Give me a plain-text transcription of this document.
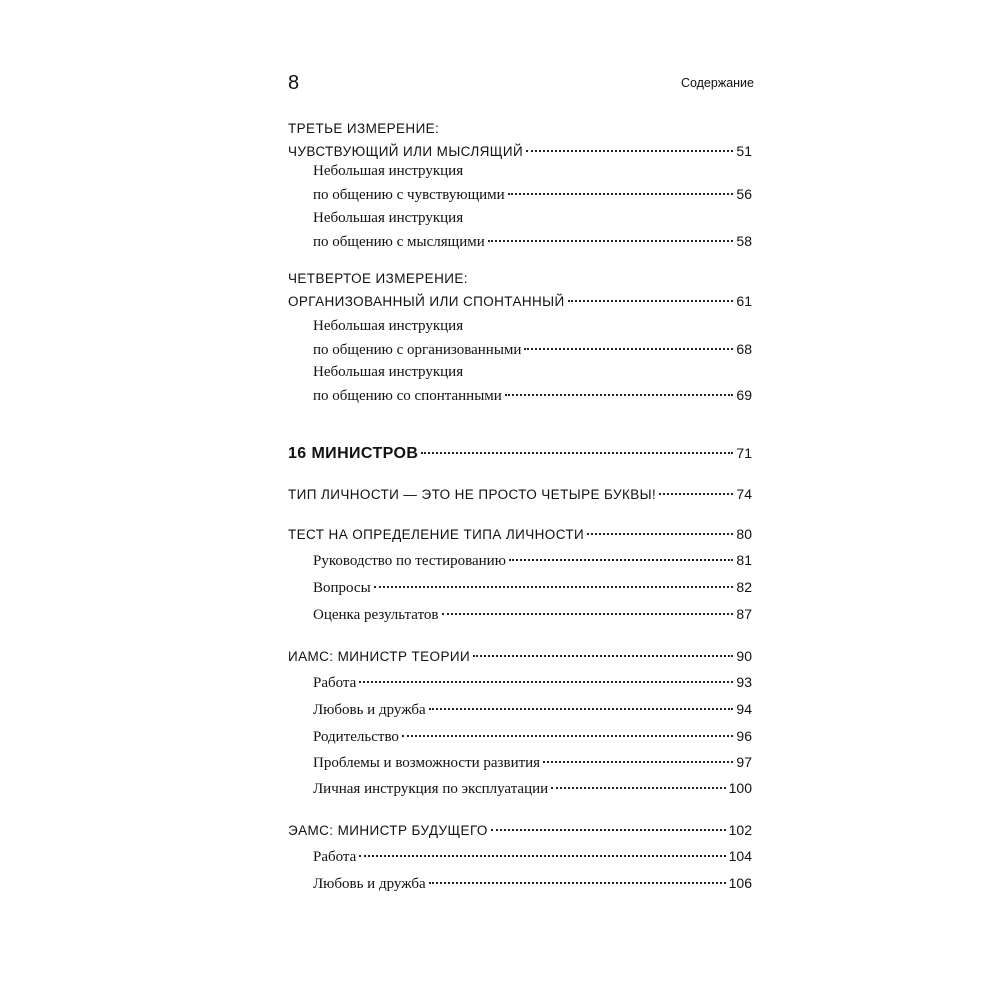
8	Содержание
ТРЕТЬЕ ИЗМЕРЕНИЕ:
ЧУВСТВУЮЩИЙ ИЛИ МЫСЛЯЩИЙ	51
Небольшая инструкция
по общению с чувствующими	56
Небольшая инструкция
по общению с мыслящими	58
ЧЕТВЕРТОЕ ИЗМЕРЕНИЕ:
ОРГАНИЗОВАННЫЙ ИЛИ СПОНТАННЫЙ	61
Небольшая инструкция
по общению с организованными	68
Небольшая инструкция
по общению со спонтанными	69
16 МИНИСТРОВ	71
ТИП ЛИЧНОСТИ — ЭТО НЕ ПРОСТО ЧЕТЫРЕ БУКВЫ!	74
ТЕСТ НА ОПРЕДЕЛЕНИЕ ТИПА ЛИЧНОСТИ	80
Руководство по тестированию	81
Вопросы	82
Оценка результатов	87
ИАМС: МИНИСТР ТЕОРИИ	90
Работа	93
Любовь и дружба	94
Родительство	96
Проблемы и возможности развития	97
Личная инструкция по эксплуатации	100
ЭАМС: МИНИСТР БУДУЩЕГО	102
Работа	104
Любовь и дружба	106
